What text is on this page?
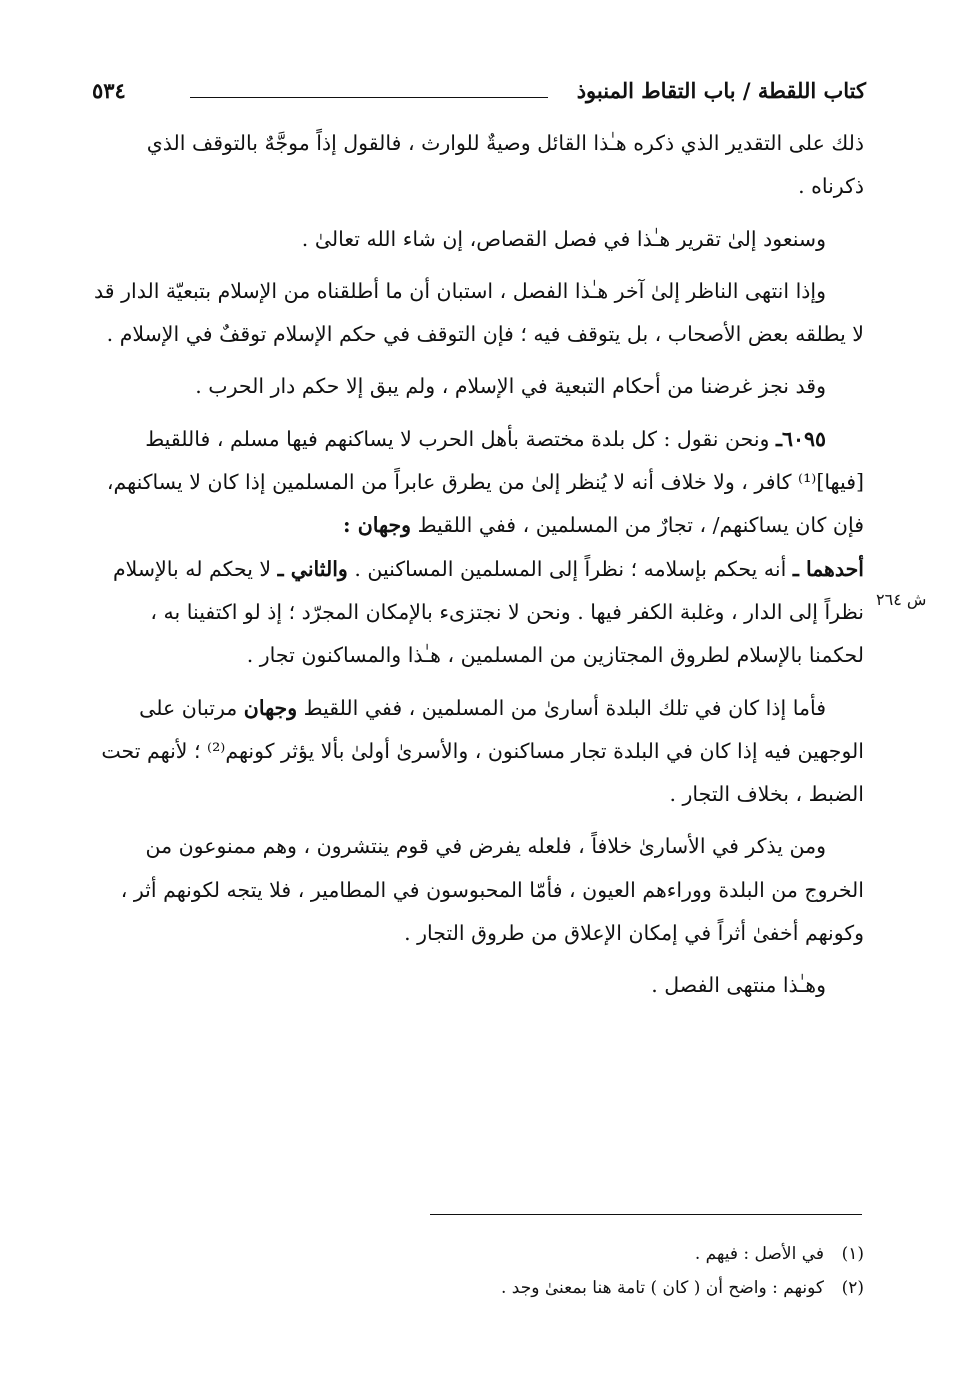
كتاب اللقطة / باب التقاط المنبوذ
٥٣٤

ذلك على التقدير الذي ذكره هـٰذا القائل وصيةٌ للوارث ، فالقول إذاً موجَّهٌ بالتوقف الذي ذكرناه .

وسنعود إلىٰ تقرير هـٰذا في فصل القصاص، إن شاء الله تعالىٰ .

وإذا انتهى الناظر إلىٰ آخر هـٰذا الفصل ، استبان أن ما أطلقناه من الإسلام بتبعيّة الدار قد لا يطلقه بعض الأصحاب ، بل يتوقف فيه ؛ فإن التوقف في حكم الإسلام توقفٌ في الإسلام .

وقد نجز غرضنا من أحكام التبعية في الإسلام ، ولم يبق إلا حكم دار الحرب .

٦٠٩٥ـ ونحن نقول : كل بلدة مختصة بأهل الحرب لا يساكنهم فيها مسلم ، فاللقيط [فيها]⁽¹⁾ كافر ، ولا خلاف أنه لا يُنظر إلىٰ من يطرق عابراً من المسلمين إذا كان لا يساكنهم، فإن كان يساكنهم/ ، تجارٌ من المسلمين ، ففي اللقيط وجهان :
أحدهما ـ أنه يحكم بإسلامه ؛ نظراً إلى المسلمين المساكنين . والثاني ـ لا يحكم له بالإسلام نظراً إلى الدار ، وغلبة الكفر فيها . ونحن لا نجتزىء بالإمكان المجرّد ؛ إذ لو اكتفينا به ، لحكمنا بالإسلام لطروق المجتازين من المسلمين ، هـٰذا والمساكنون تجار .

فأما إذا كان في تلك البلدة أسارىٰ من المسلمين ، ففي اللقيط وجهان مرتبان على الوجهين فيه إذا كان في البلدة تجار مساكنون ، والأسرىٰ أولىٰ بألا يؤثر كونهم⁽²⁾ ؛ لأنهم تحت الضبط ، بخلاف التجار .

ومن يذكر في الأسارىٰ خلافاً ، فلعله يفرض في قوم ينتشرون ، وهم ممنوعون من الخروج من البلدة ووراءهم العيون ، فأمّا المحبوسون في المطامير ، فلا يتجه لكونهم أثر ، وكونهم أخفىٰ أثراً في إمكان الإعلاق من طروق التجار .

وهـٰذا منتهى الفصل .

ش ٢٦٤
(١)في الأصل : فيهم .
(٢)كونهم : واضح أن ( كان ) تامة هنا بمعنىٰ وجد .
